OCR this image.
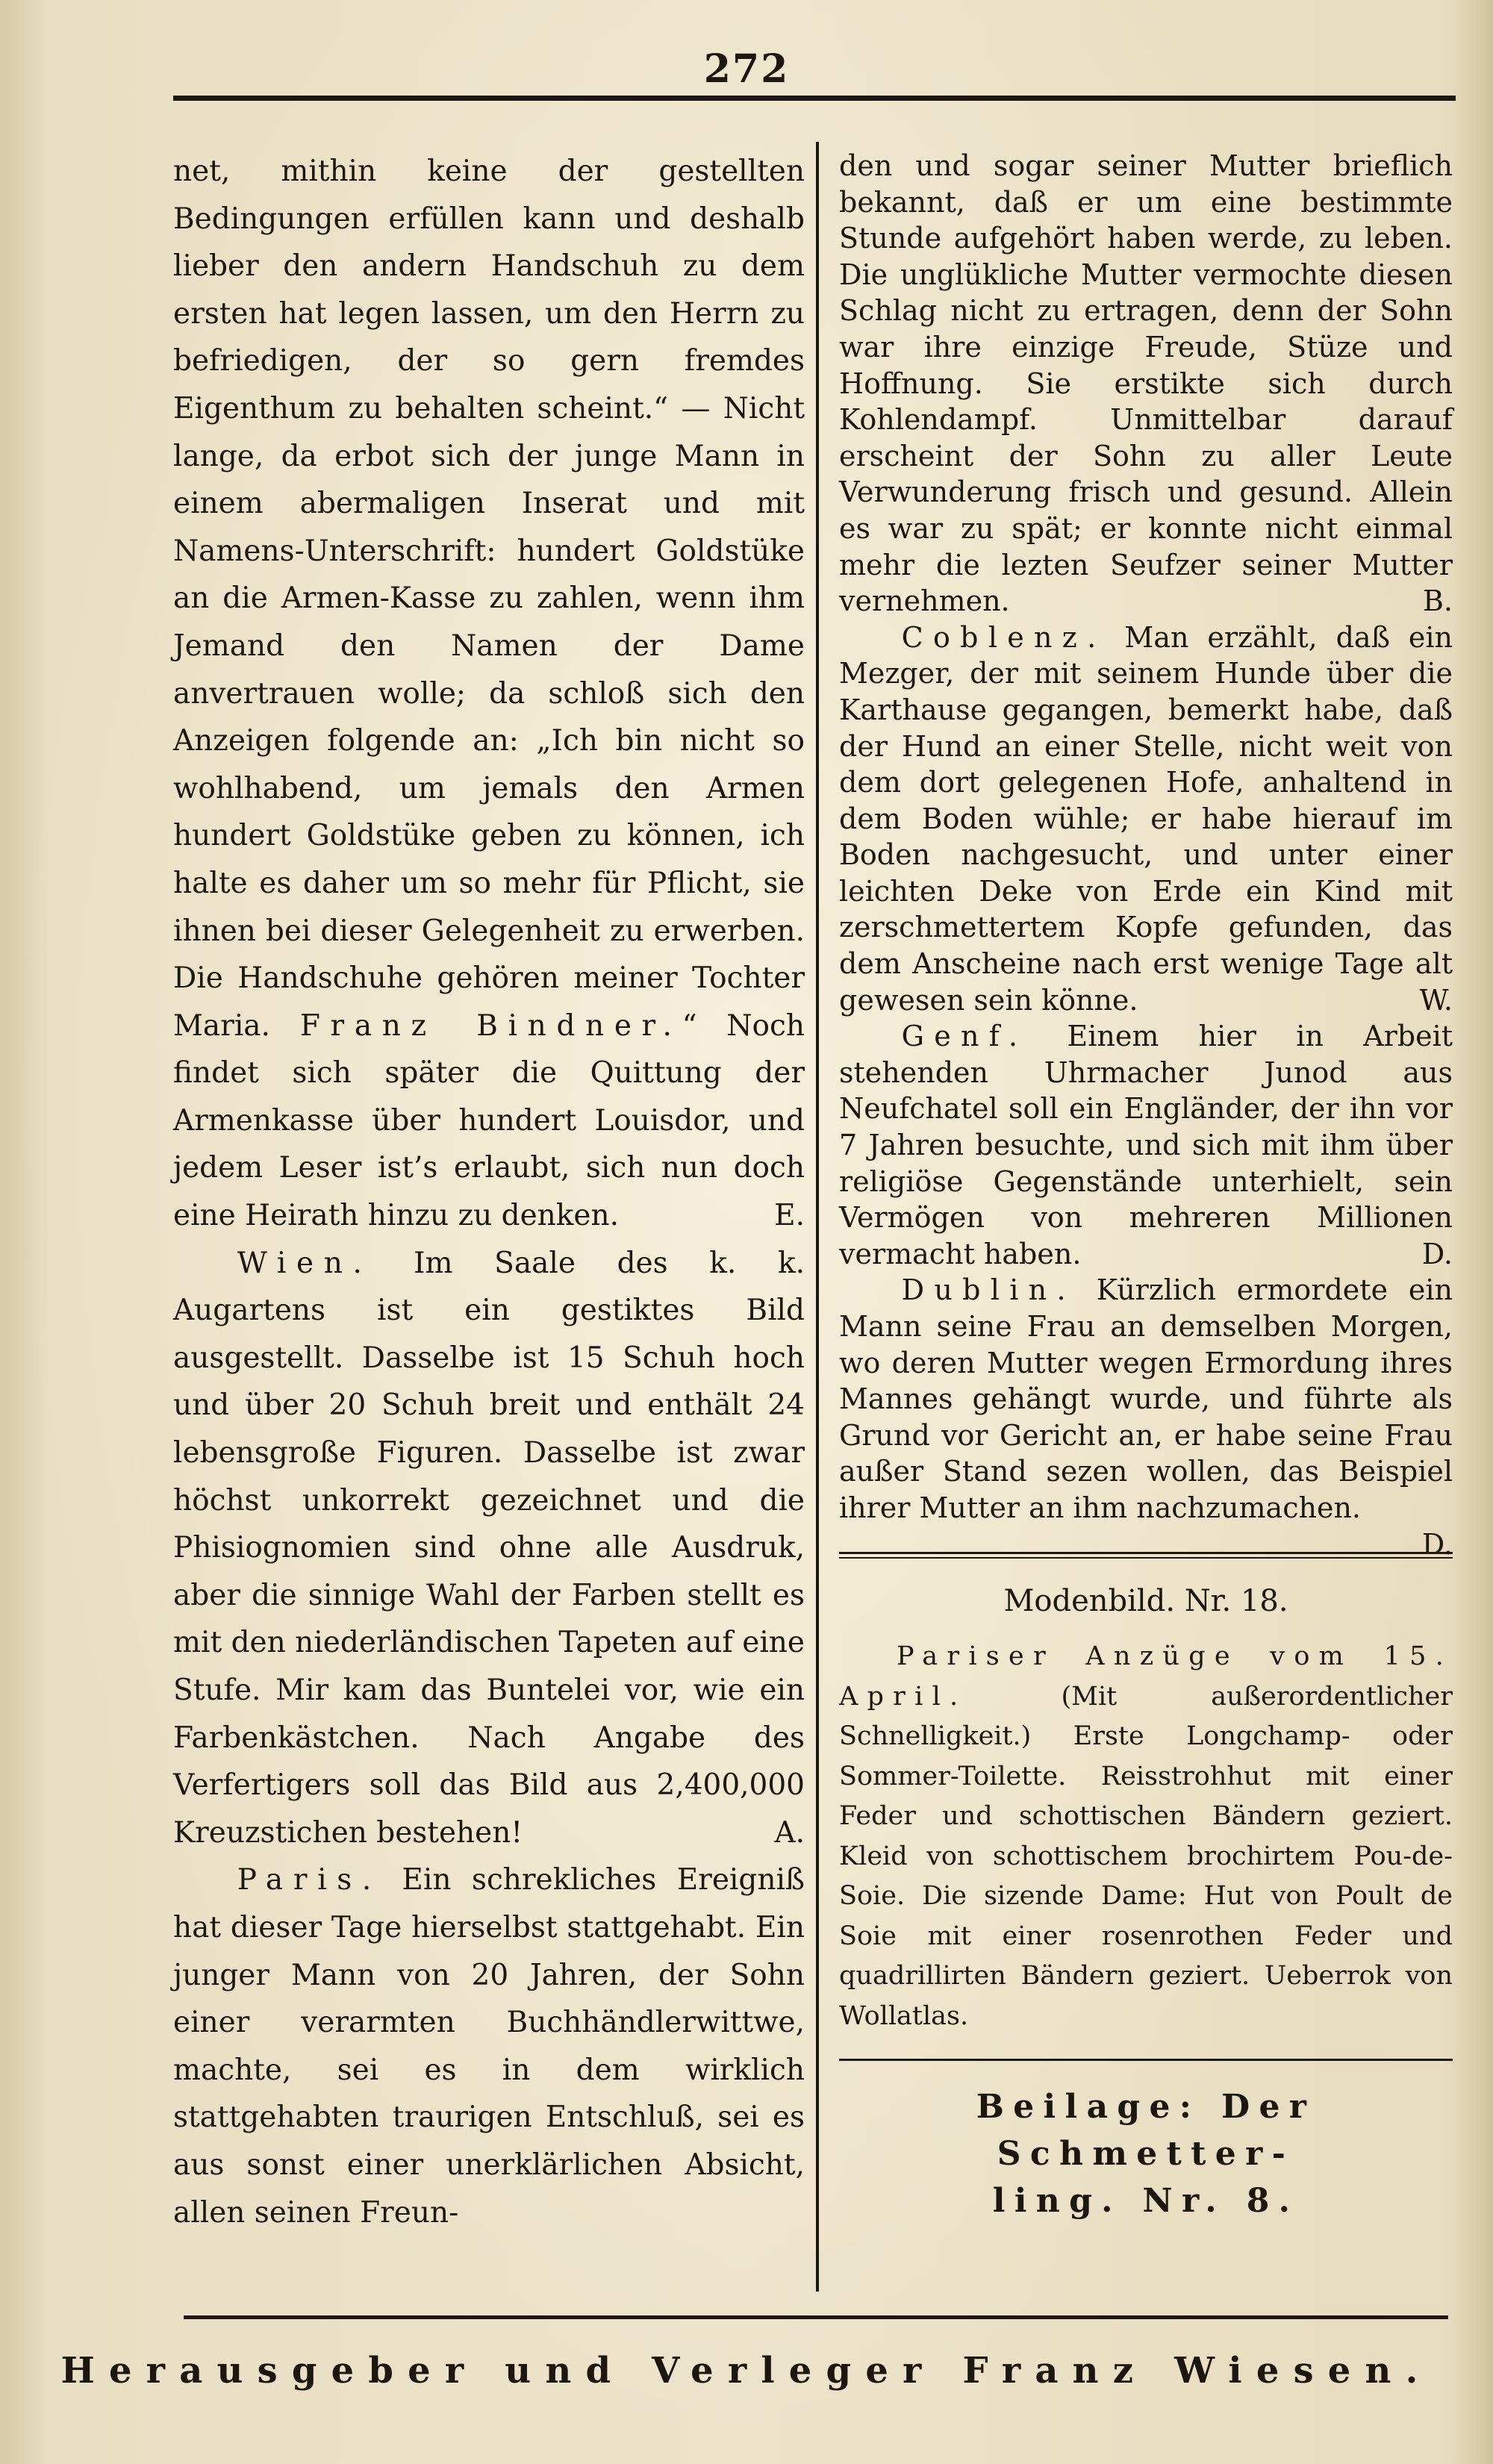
272

net, mithin keine der gestellten Bedingungen erfüllen kann und deshalb lieber den andern Handschuh zu dem ersten hat legen lassen, um den Herrn zu befriedigen, der so gern fremdes Eigenthum zu behalten scheint.“ — Nicht lange, da erbot sich der junge Mann in einem abermaligen Inserat und mit Namens-Unterschrift: hundert Goldstüke an die Armen-Kasse zu zahlen, wenn ihm Jemand den Namen der Dame anvertrauen wolle; da schloß sich den Anzeigen folgende an: „Ich bin nicht so wohlhabend, um jemals den Armen hundert Goldstüke geben zu können, ich halte es daher um so mehr für Pflicht, sie ihnen bei dieser Gelegenheit zu erwerben. Die Handschuhe gehören meiner Tochter Maria. Franz Bindner.“ Noch findet sich später die Quittung der Armenkasse über hundert Louisdor, und jedem Leser ist’s erlaubt, sich nun doch eine Heirath hinzu zu denken.	E.

Wien. Im Saale des k. k. Augartens ist ein gestiktes Bild ausgestellt. Dasselbe ist 15 Schuh hoch und über 20 Schuh breit und enthält 24 lebensgroße Figuren. Dasselbe ist zwar höchst unkorrekt gezeichnet und die Phisiognomien sind ohne alle Ausdruk, aber die sinnige Wahl der Farben stellt es mit den niederländischen Tapeten auf eine Stufe. Mir kam das Buntelei vor, wie ein Farbenkästchen. Nach Angabe des Verfertigers soll das Bild aus 2,400,000 Kreuzstichen bestehen!	A.

Paris. Ein schrekliches Ereigniß hat dieser Tage hierselbst stattgehabt. Ein junger Mann von 20 Jahren, der Sohn einer verarmten Buchhändlerwittwe, machte, sei es in dem wirklich stattgehabten traurigen Entschluß, sei es aus sonst einer unerklärlichen Absicht, allen seinen Freun-

den und sogar seiner Mutter brieflich bekannt, daß er um eine bestimmte Stunde aufgehört haben werde, zu leben. Die unglükliche Mutter vermochte diesen Schlag nicht zu ertragen, denn der Sohn war ihre einzige Freude, Stüze und Hoffnung. Sie erstikte sich durch Kohlendampf. Unmittelbar darauf erscheint der Sohn zu aller Leute Verwunderung frisch und gesund. Allein es war zu spät; er konnte nicht einmal mehr die lezten Seufzer seiner Mutter vernehmen.	B.

Coblenz. Man erzählt, daß ein Mezger, der mit seinem Hunde über die Karthause gegangen, bemerkt habe, daß der Hund an einer Stelle, nicht weit von dem dort gelegenen Hofe, anhaltend in dem Boden wühle; er habe hierauf im Boden nachgesucht, und unter einer leichten Deke von Erde ein Kind mit zerschmettertem Kopfe gefunden, das dem Anscheine nach erst wenige Tage alt gewesen sein könne.	W.

Genf. Einem hier in Arbeit stehenden Uhrmacher Junod aus Neufchatel soll ein Engländer, der ihn vor 7 Jahren besuchte, und sich mit ihm über religiöse Gegenstände unterhielt, sein Vermögen von mehreren Millionen vermacht haben.	D.

Dublin. Kürzlich ermordete ein Mann seine Frau an demselben Morgen, wo deren Mutter wegen Ermordung ihres Mannes gehängt wurde, und führte als Grund vor Gericht an, er habe seine Frau außer Stand sezen wollen, das Beispiel ihrer Mutter an ihm nachzumachen.
D.

Modenbild. Nr. 18.

Pariser Anzüge vom 15. April.	(Mit außerordentlicher Schnelligkeit.) Erste Longchamp- oder Sommer-Toilette. Reisstrohhut mit einer Feder und schottischen Bändern geziert. Kleid von schottischem brochirtem Pou-de-Soie. Die sizende Dame: Hut von Poult de Soie mit einer rosenrothen Feder und quadrillirten Bändern geziert. Ueberrok von Wollatlas.

Beilage: Der Schmetter-
ling. Nr. 8.
Herausgeber und Verleger Franz Wiesen.
